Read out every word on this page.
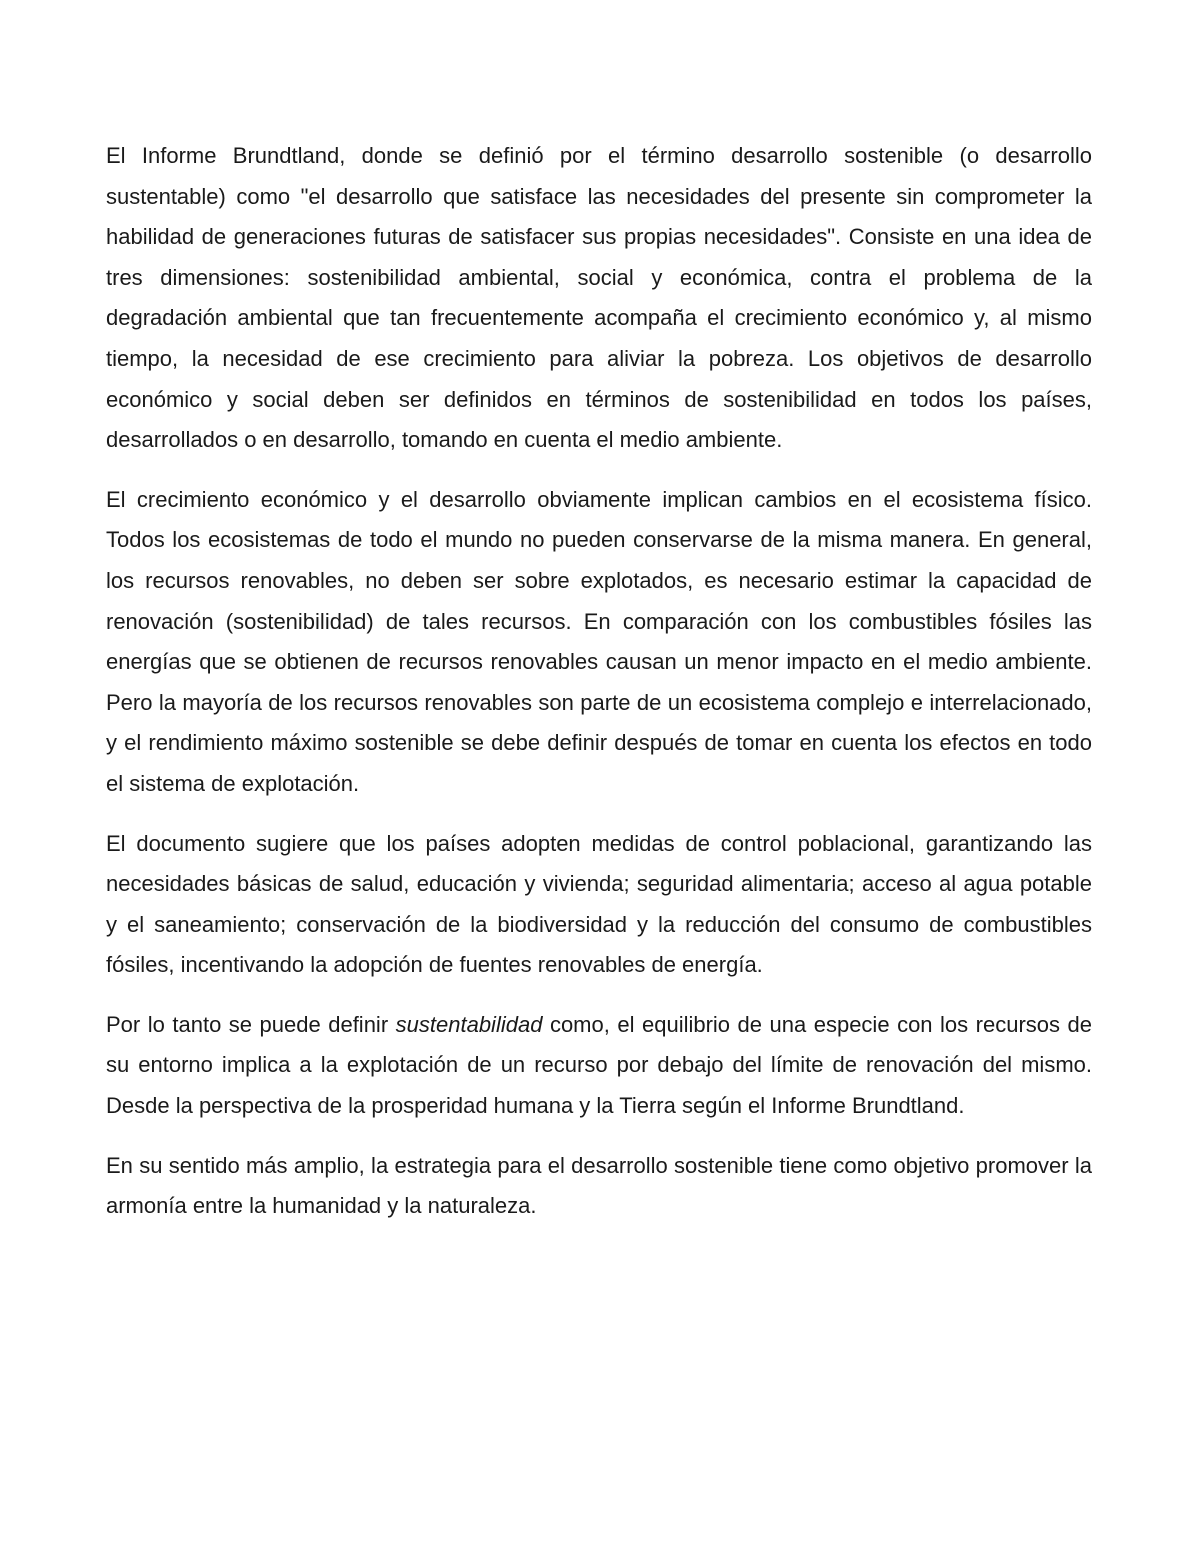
El Informe Brundtland, donde se definió por el término desarrollo sostenible (o desarrollo sustentable) como "el desarrollo que satisface las necesidades del presente sin comprometer la habilidad de generaciones futuras de satisfacer sus propias necesidades". Consiste en una idea de tres dimensiones: sostenibilidad ambiental, social y económica, contra el problema de la degradación ambiental que tan frecuentemente acompaña el crecimiento económico y, al mismo tiempo, la necesidad de ese crecimiento para aliviar la pobreza. Los objetivos de desarrollo económico y social deben ser definidos en términos de sostenibilidad en todos los países, desarrollados o en desarrollo, tomando en cuenta el medio ambiente.

El crecimiento económico y el desarrollo obviamente implican cambios en el ecosistema físico. Todos los ecosistemas de todo el mundo no pueden conservarse de la misma manera. En general, los recursos renovables, no deben ser sobre explotados, es necesario estimar la capacidad de renovación (sostenibilidad) de tales recursos. En comparación con los combustibles fósiles las energías que se obtienen de recursos renovables causan un menor impacto en el medio ambiente. Pero la mayoría de los recursos renovables son parte de un ecosistema complejo e interrelacionado, y el rendimiento máximo sostenible se debe definir después de tomar en cuenta los efectos en todo el sistema de explotación.

El documento sugiere que los países adopten medidas de control poblacional, garantizando las necesidades básicas de salud, educación y vivienda; seguridad alimentaria; acceso al agua potable y el saneamiento; conservación de la biodiversidad y la reducción del consumo de combustibles fósiles, incentivando la adopción de fuentes renovables de energía.

Por lo tanto se puede definir sustentabilidad como, el equilibrio de una especie con los recursos de su entorno implica a la explotación de un recurso por debajo del límite de renovación del mismo. Desde la perspectiva de la prosperidad humana y la Tierra según el Informe Brundtland.

En su sentido más amplio, la estrategia para el desarrollo sostenible tiene como objetivo promover la armonía entre la humanidad y la naturaleza.
